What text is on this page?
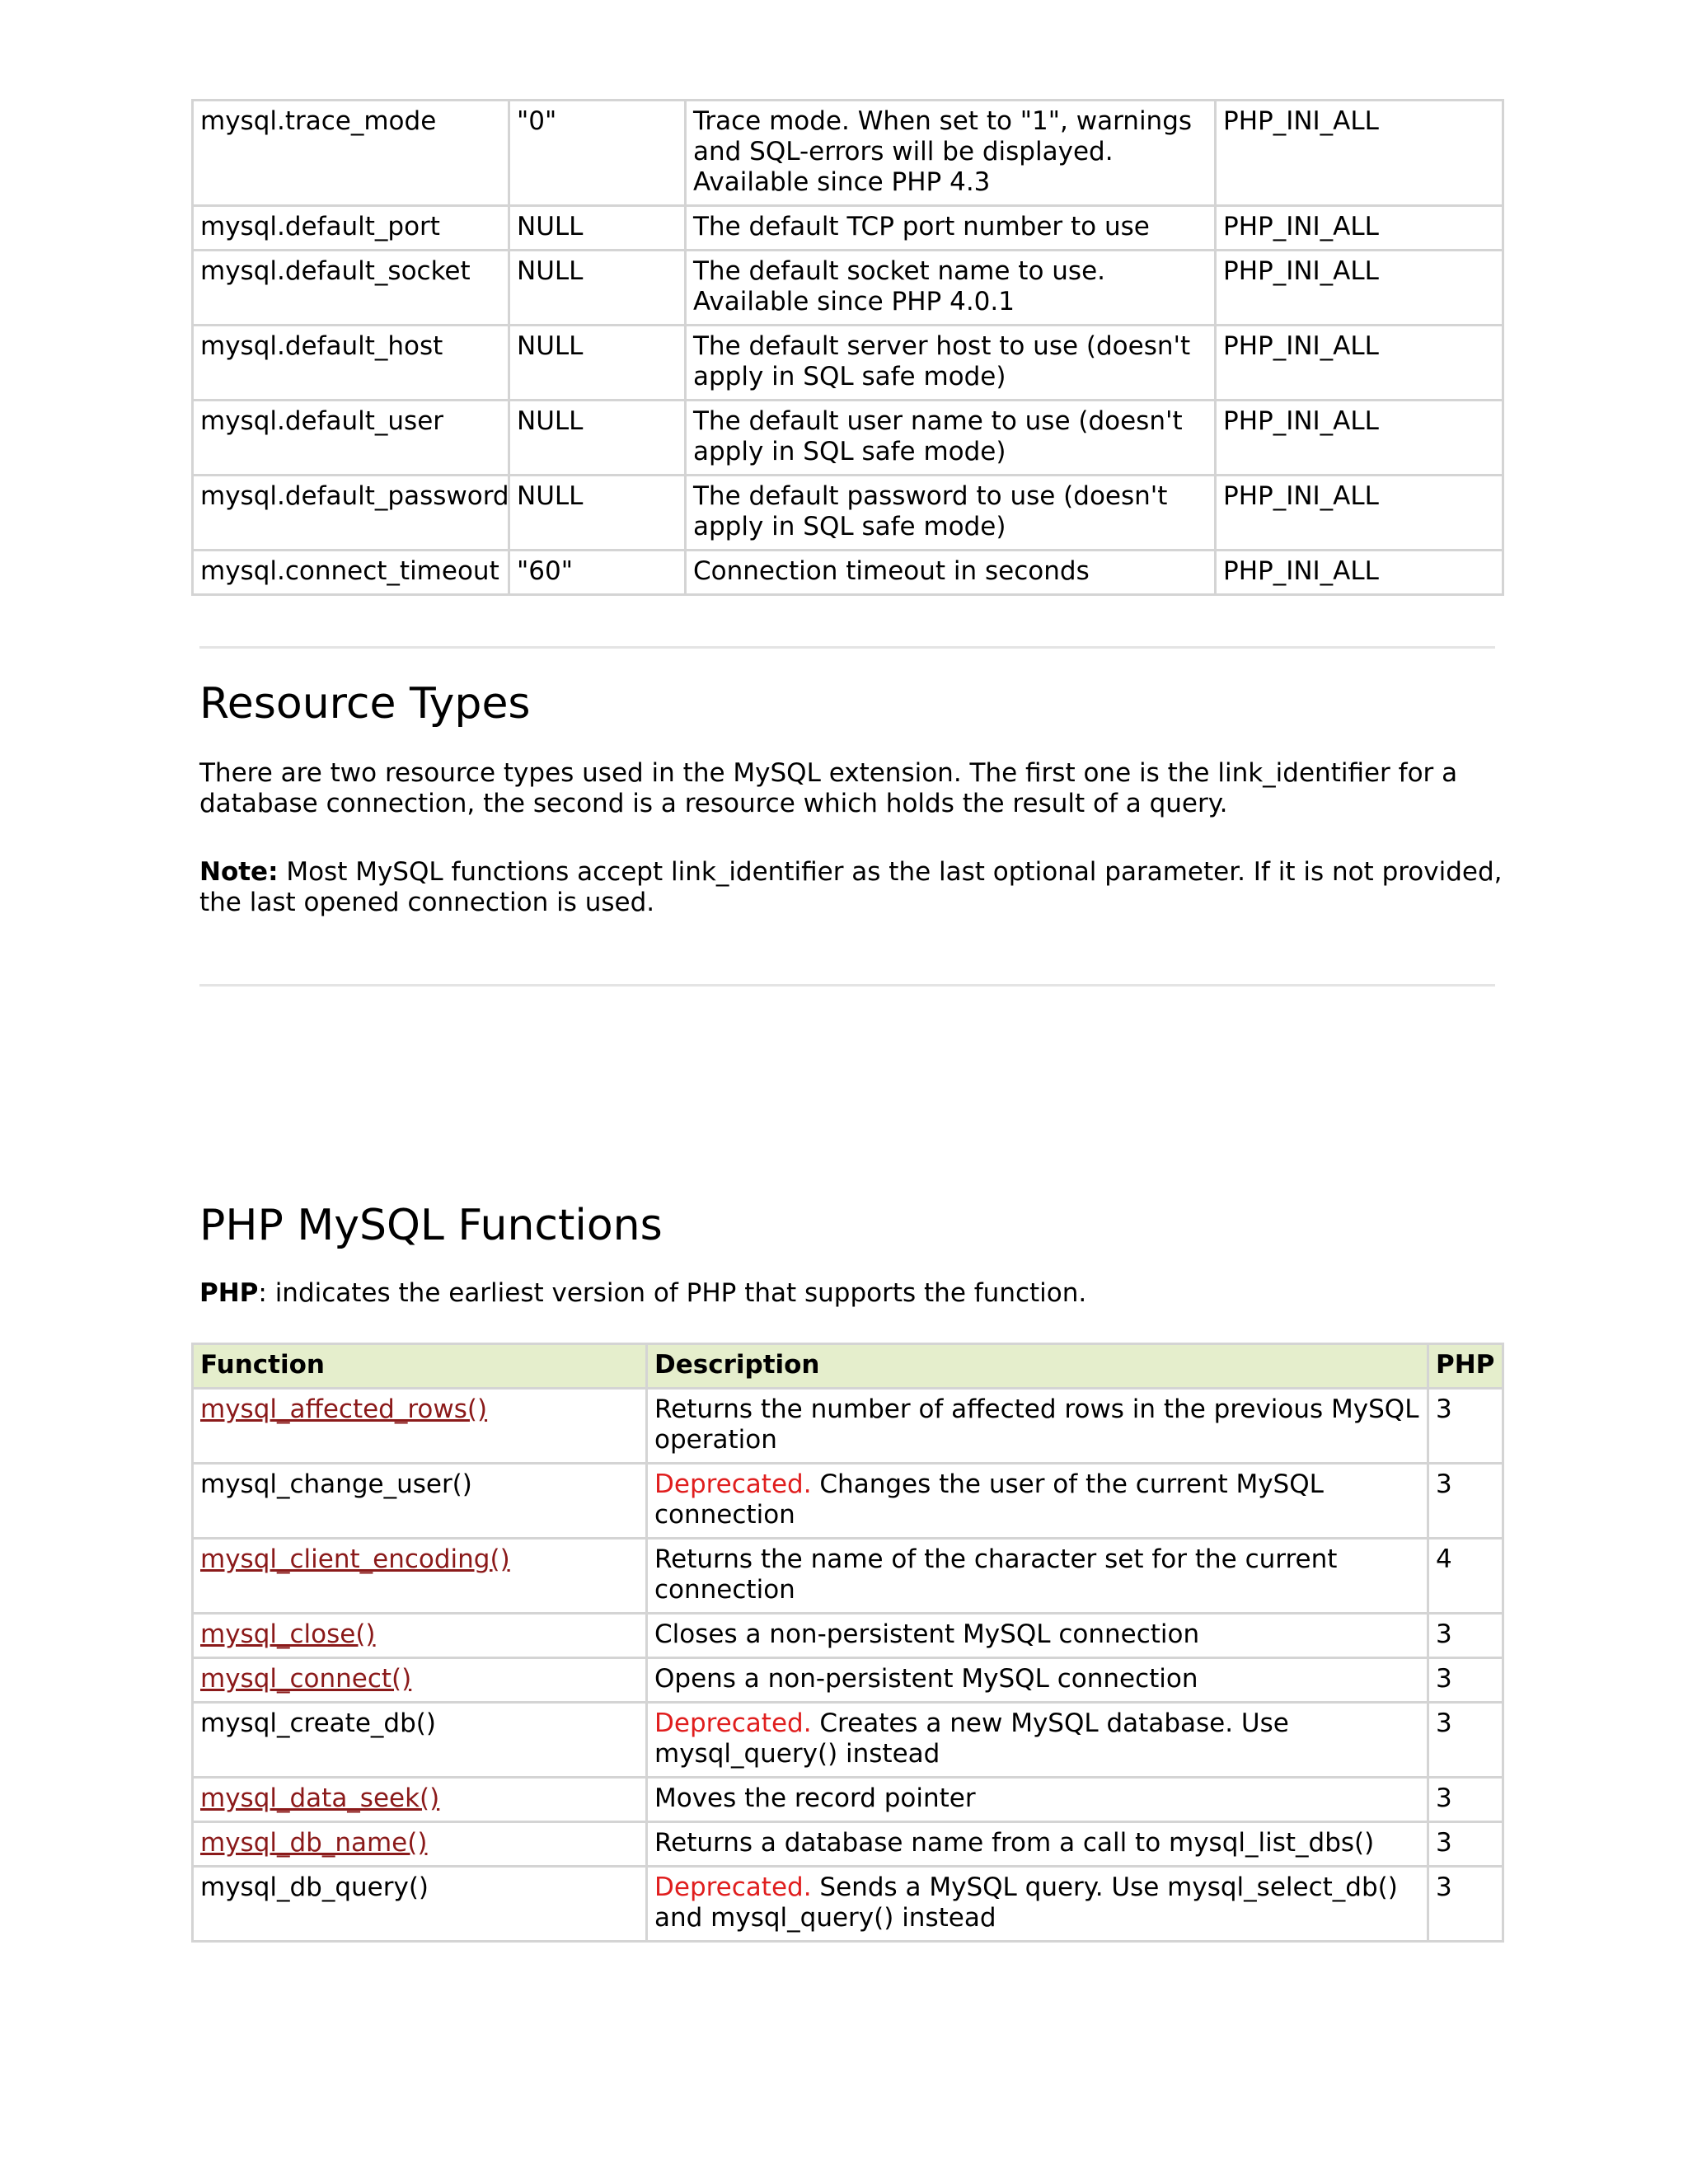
mysql.trace_mode	"0"	Trace mode. When set to "1", warnings and SQL-errors will be displayed. Available since PHP 4.3	PHP_INI_ALL
mysql.default_port	NULL	The default TCP port number to use	PHP_INI_ALL
mysql.default_socket	NULL	The default socket name to use. Available since PHP 4.0.1	PHP_INI_ALL
mysql.default_host	NULL	The default server host to use (doesn't apply in SQL safe mode)	PHP_INI_ALL
mysql.default_user	NULL	The default user name to use (doesn't apply in SQL safe mode)	PHP_INI_ALL
mysql.default_password	NULL	The default password to use (doesn't apply in SQL safe mode)	PHP_INI_ALL
mysql.connect_timeout	"60"	Connection timeout in seconds	PHP_INI_ALL
Resource Types

There are two resource types used in the MySQL extension. The first one is the link_identifier for a database connection, the second is a resource which holds the result of a query.

Note: Most MySQL functions accept link_identifier as the last optional parameter. If it is not provided, the last opened connection is used.

PHP MySQL Functions

PHP: indicates the earliest version of PHP that supports the function.

Function	Description	PHP
mysql_affected_rows()	Returns the number of affected rows in the previous MySQL operation	3
mysql_change_user()	Deprecated. Changes the user of the current MySQL connection	3
mysql_client_encoding()	Returns the name of the character set for the current connection	4
mysql_close()	Closes a non-persistent MySQL connection	3
mysql_connect()	Opens a non-persistent MySQL connection	3
mysql_create_db()	Deprecated. Creates a new MySQL database. Use mysql_query() instead	3
mysql_data_seek()	Moves the record pointer	3
mysql_db_name()	Returns a database name from a call to mysql_list_dbs()	3
mysql_db_query()	Deprecated. Sends a MySQL query. Use mysql_select_db() and mysql_query() instead	3
